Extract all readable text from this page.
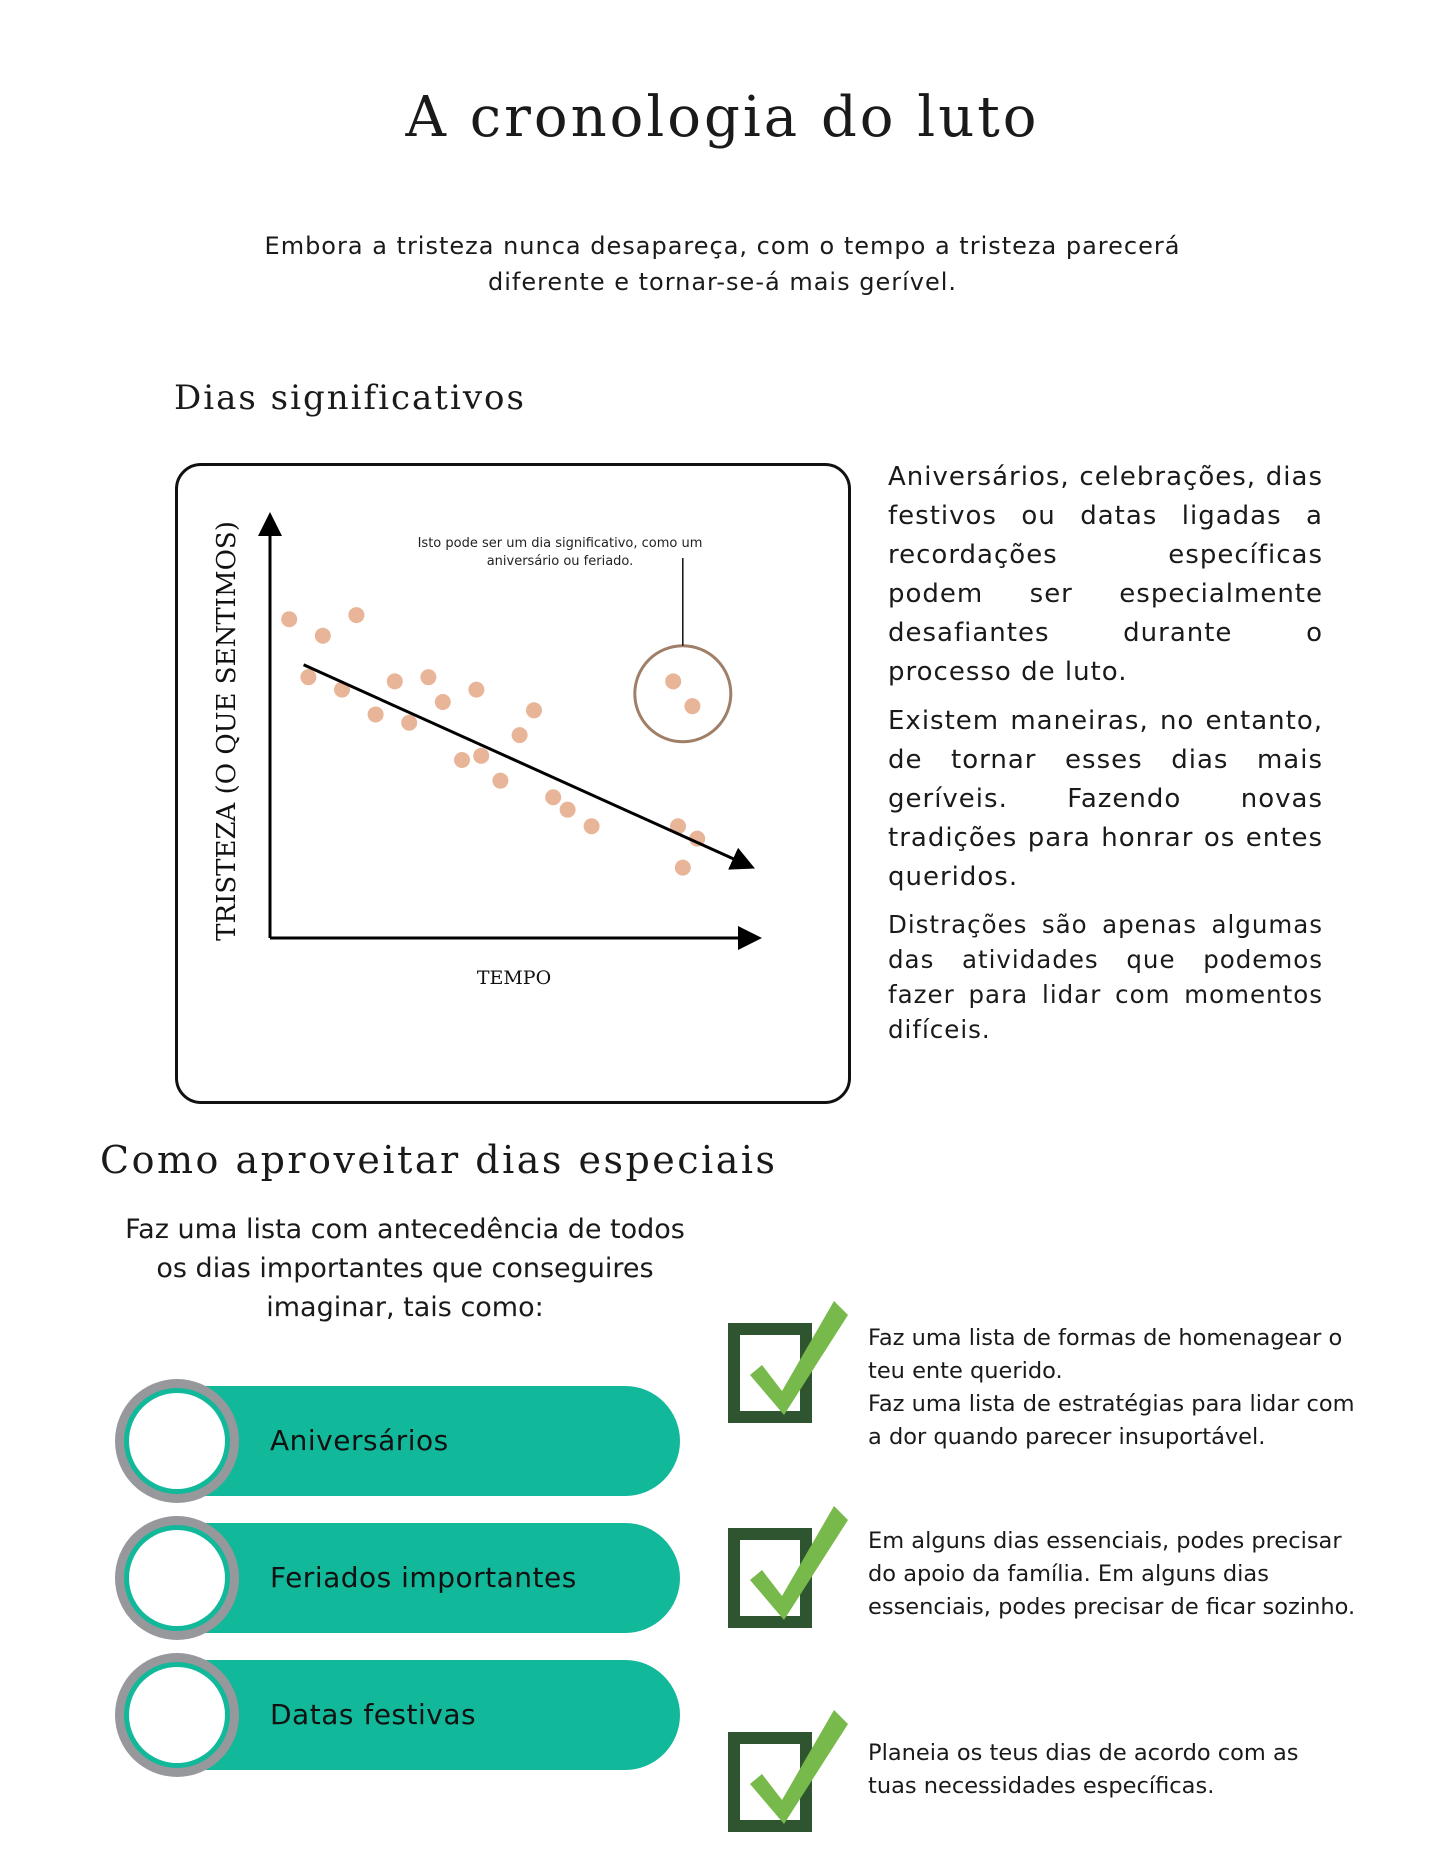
A cronologia do luto
Embora a tristeza nunca desapareça, com o tempo a tristeza parecerá
diferente e tornar-se-á mais gerível.
Dias significativos
TRISTEZA (O QUE SENTIMOS)
TEMPO
Isto pode ser um dia significativo, como um
aniversário ou feriado.

Aniversários, celebrações, dias festivos ou datas ligadas a recordações específicas podem ser especialmente desafiantes durante o processo de luto.

Existem maneiras, no entanto, de tornar esses dias mais geríveis. Fazendo novas tradições para honrar os entes queridos.

Distrações são apenas algumas das atividades que podemos fazer para lidar com momentos difíceis.

Como aproveitar dias especiais
Faz uma lista com antecedência de todos
os dias importantes que conseguires
imaginar, tais como:
Aniversários
Feriados importantes
Datas festivas
Faz uma lista de formas de homenagear o
teu ente querido.
Faz uma lista de estratégias para lidar com
a dor quando parecer insuportável.
Em alguns dias essenciais, podes precisar
do apoio da família. Em alguns dias
essenciais, podes precisar de ficar sozinho.
Planeia os teus dias de acordo com as
tuas necessidades específicas.
